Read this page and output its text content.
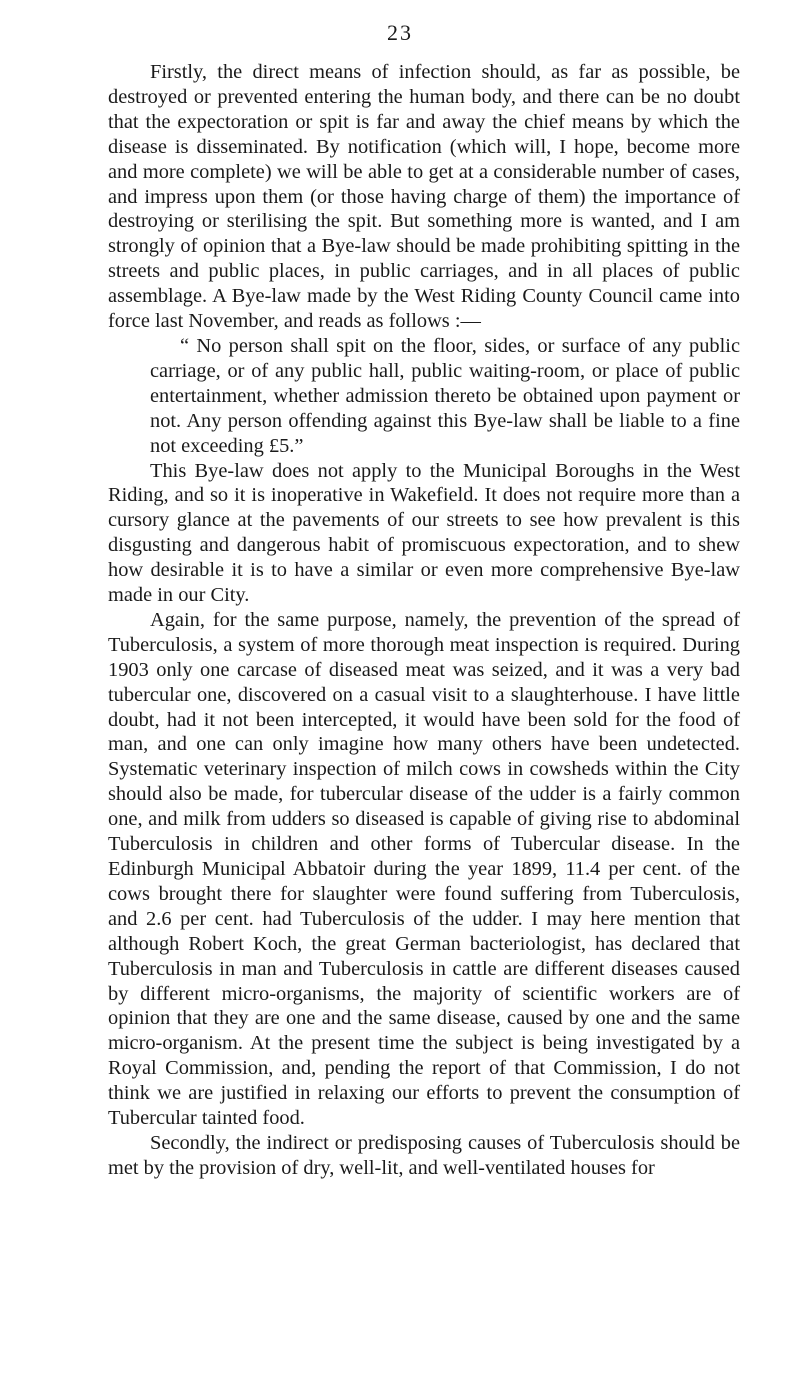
23

Firstly, the direct means of infection should, as far as possible, be destroyed or prevented entering the human body, and there can be no doubt that the expectoration or spit is far and away the chief means by which the disease is disseminated. By notification (which will, I hope, become more and more complete) we will be able to get at a considerable number of cases, and impress upon them (or those having charge of them) the importance of destroying or sterilising the spit. But something more is wanted, and I am strongly of opinion that a Bye-law should be made prohibiting spitting in the streets and public places, in public carriages, and in all places of public assemblage. A Bye-law made by the West Riding County Council came into force last November, and reads as follows :—

“ No person shall spit on the floor, sides, or surface of any public carriage, or of any public hall, public waiting-room, or place of public entertainment, whether admission thereto be obtained upon payment or not. Any person offending against this Bye-law shall be liable to a fine not exceeding £5.”

This Bye-law does not apply to the Municipal Boroughs in the West Riding, and so it is inoperative in Wakefield. It does not require more than a cursory glance at the pavements of our streets to see how prevalent is this disgusting and dangerous habit of promiscuous expectoration, and to shew how desirable it is to have a similar or even more comprehensive Bye-law made in our City.

Again, for the same purpose, namely, the prevention of the spread of Tuberculosis, a system of more thorough meat inspection is required. During 1903 only one carcase of diseased meat was seized, and it was a very bad tubercular one, discovered on a casual visit to a slaughterhouse. I have little doubt, had it not been intercepted, it would have been sold for the food of man, and one can only imagine how many others have been undetected. Systematic veterinary inspection of milch cows in cowsheds within the City should also be made, for tubercular disease of the udder is a fairly common one, and milk from udders so diseased is capable of giving rise to abdominal Tuberculosis in children and other forms of Tubercular disease. In the Edinburgh Municipal Abbatoir during the year 1899, 11.4 per cent. of the cows brought there for slaughter were found suffering from Tuberculosis, and 2.6 per cent. had Tuberculosis of the udder. I may here mention that although Robert Koch, the great German bacteriologist, has declared that Tuberculosis in man and Tuberculosis in cattle are different diseases caused by different micro-organisms, the majority of scientific workers are of opinion that they are one and the same disease, caused by one and the same micro-organism. At the present time the subject is being investigated by a Royal Commission, and, pending the report of that Commission, I do not think we are justified in relaxing our efforts to prevent the consumption of Tubercular tainted food.

Secondly, the indirect or predisposing causes of Tuberculosis should be met by the provision of dry, well-lit, and well-ventilated houses for
